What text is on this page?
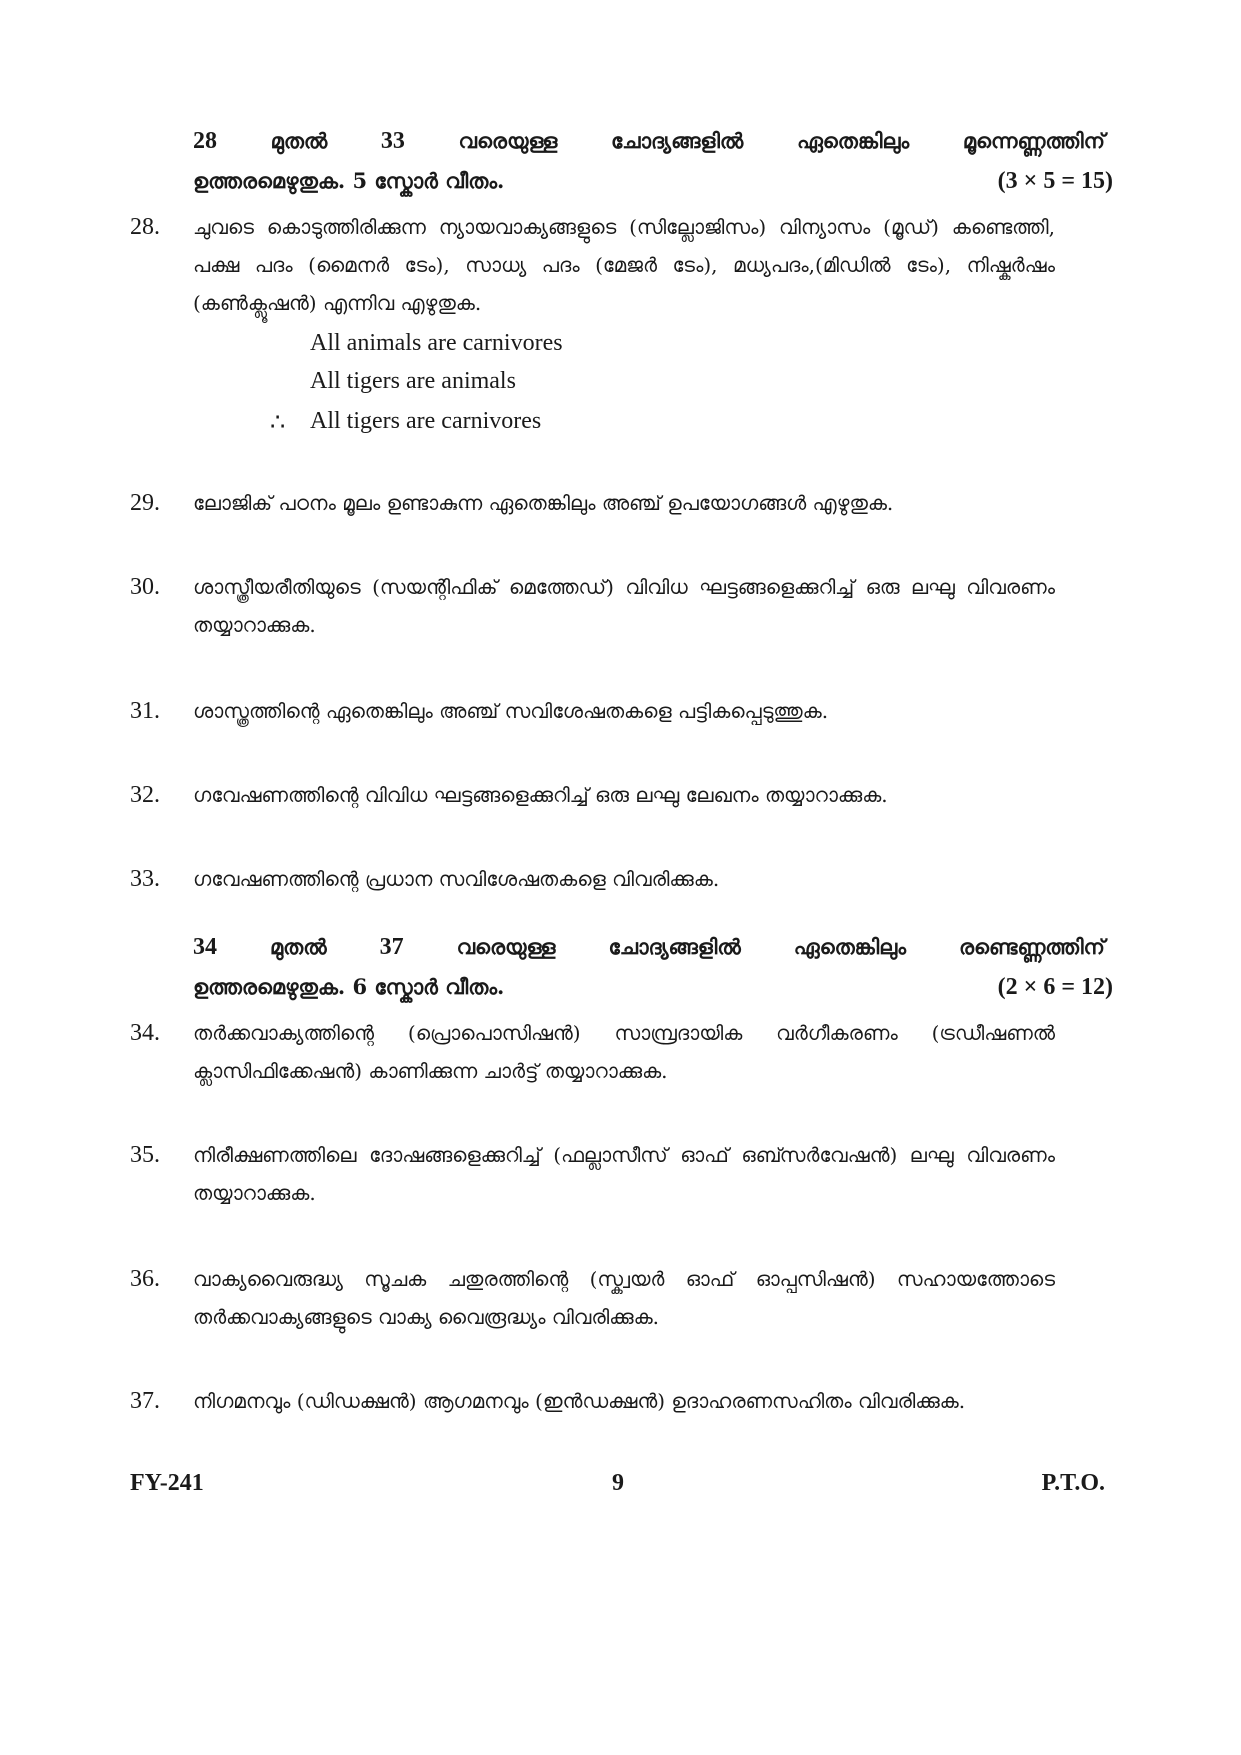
28	മുതൽ 33	വരെയുള്ള	ചോദ്യങ്ങളിൽ	ഏതെങ്കിലും	മൂന്നെണ്ണത്തിന്
ഉത്തരമെഴുതുക. 5 സ്കോർ വീതം.	(3 × 5 = 15)
28. ചുവടെ കൊടുത്തിരിക്കുന്ന ന്യായവാക്യങ്ങളുടെ (സില്ലോജിസം) വിന്യാസം (മൂഡ്) കണ്ടെത്തി, പക്ഷ പദം (മൈനർ ടേം), സാധ്യ പദം (മേജർ ടേം), മധ്യപദം,(മിഡിൽ ടേം), നിഷ്കർഷം (കൺക്ലൂഷൻ) എന്നിവ എഴുതുക.
All animals are carnivores
All tigers are animals
∴ All tigers are carnivores
29. ലോജിക് പഠനം മൂലം ഉണ്ടാകുന്ന ഏതെങ്കിലും അഞ്ച് ഉപയോഗങ്ങൾ എഴുതുക.
30. ശാസ്ത്രീയരീതിയുടെ (സയന്റിഫിക് മെത്തേഡ്) വിവിധ ഘട്ടങ്ങളെക്കുറിച്ച് ഒരു ലഘു വിവരണം തയ്യാറാക്കുക.
31. ശാസ്ത്രത്തിന്റെ ഏതെങ്കിലും അഞ്ച് സവിശേഷതകളെ പട്ടികപ്പെടുത്തുക.
32. ഗവേഷണത്തിന്റെ വിവിധ ഘട്ടങ്ങളെക്കുറിച്ച് ഒരു ലഘു ലേഖനം തയ്യാറാക്കുക.
33. ഗവേഷണത്തിന്റെ പ്രധാന സവിശേഷതകളെ വിവരിക്കുക.
34	മുതൽ 37	വരെയുള്ള	ചോദ്യങ്ങളിൽ	ഏതെങ്കിലും	രണ്ടെണ്ണത്തിന്
ഉത്തരമെഴുതുക. 6 സ്കോർ വീതം.	(2 × 6 = 12)
34. തർക്കവാക്യത്തിന്റെ (പ്രൊപൊസിഷൻ) സാമ്പ്രദായിക വർഗീകരണം (ട്രഡീഷണൽ ക്ലാസിഫിക്കേഷൻ) കാണിക്കുന്ന ചാർട്ട് തയ്യാറാക്കുക.
35. നിരീക്ഷണത്തിലെ ദോഷങ്ങളെക്കുറിച്ച് (ഫല്ലാസീസ് ഓഫ് ഒബ്സർവേഷൻ) ലഘു വിവരണം തയ്യാറാക്കുക.
36. വാക്യവൈരുദ്ധ്യ സൂചക ചതുരത്തിന്റെ (സ്ക്വയർ ഓഫ് ഓപ്പസിഷൻ) സഹായത്തോടെ തർക്കവാക്യങ്ങളുടെ വാക്യ വൈരൂദ്ധ്യം വിവരിക്കുക.
37. നിഗമനവും (ഡിഡക്ഷൻ) ആഗമനവും (ഇൻഡക്ഷൻ) ഉദാഹരണസഹിതം വിവരിക്കുക.
FY-241	9	P.T.O.
